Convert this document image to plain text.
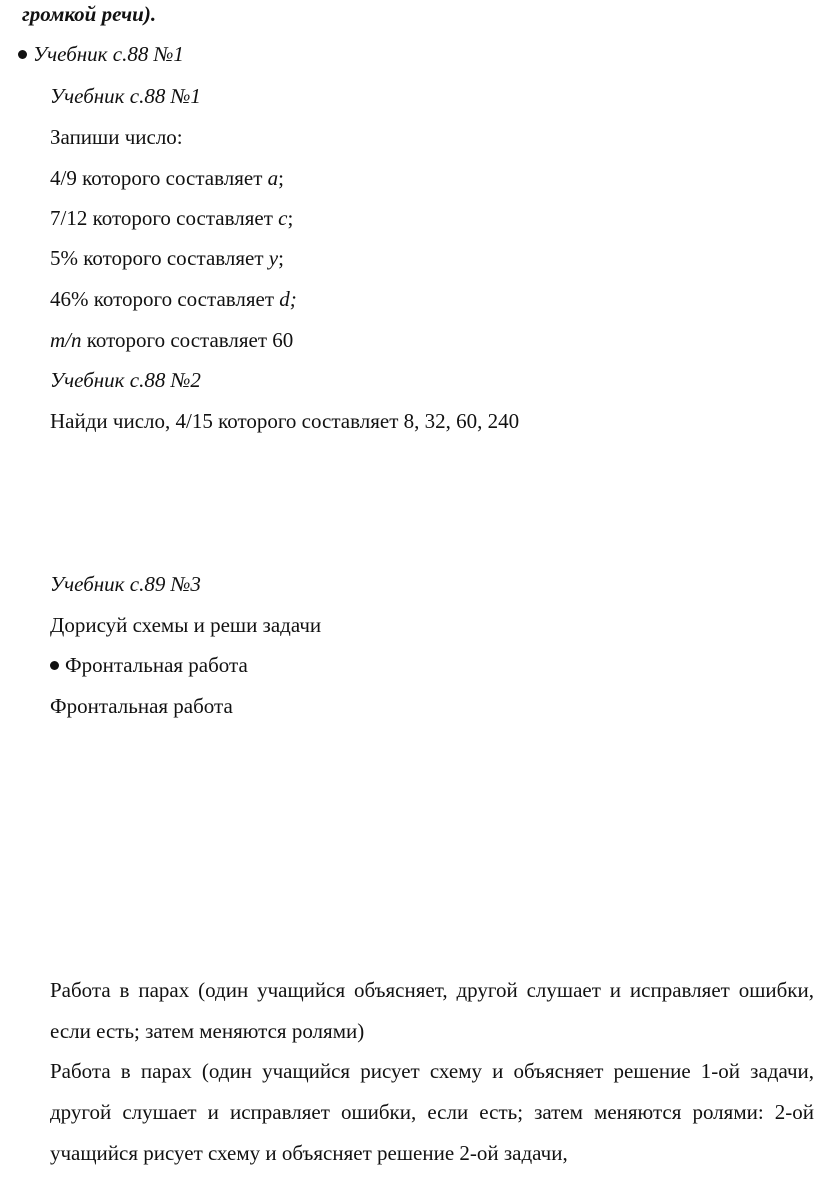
громкой речи).
Учебник с.88 №1
Учебник с.88 №1
Запиши число:
4/9 которого составляет a;
7/12 которого составляет c;
5% которого составляет y;
46% которого составляет d;
m/n которого составляет 60
Учебник с.88 №2
Найди число, 4/15 которого составляет 8, 32, 60, 240
Учебник с.89 №3
Дорисуй схемы и реши задачи
Фронтальная работа
Фронтальная работа
Работа в парах (один учащийся объясняет, другой слушает и исправляет ошибки, если есть; затем меняются ролями)
Работа в парах (один учащийся рисует схему и объясняет решение 1-ой задачи, другой слушает и исправляет ошибки, если есть; затем меняются ролями: 2-ой учащийся рисует схему и объясняет решение 2-ой задачи,
